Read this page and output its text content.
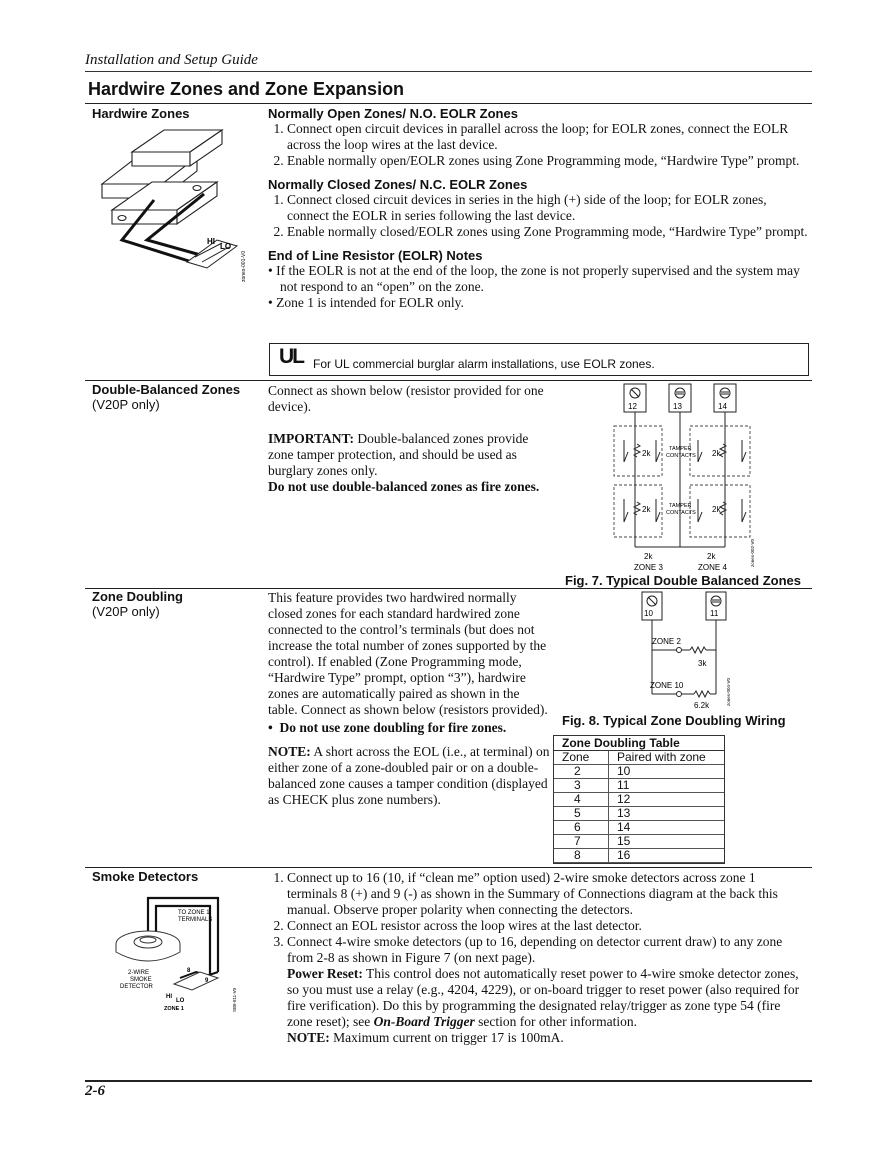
Installation and Setup Guide
Hardwire Zones and Zone Expansion
Hardwire Zones
HI
LO
zones-001-V0

Normally Open Zones/ N.O. EOLR Zones

1. Connect open circuit devices in parallel across the loop; for EOLR zones, connect the EOLR across the loop wires at the last device.
2. Enable normally open/EOLR zones using Zone Programming mode, “Hardwire Type” prompt.

Normally Closed Zones/ N.C. EOLR Zones

1. Connect closed circuit devices in series in the high (+) side of the loop; for EOLR zones, connect the EOLR in series following the last device.
2. Enable normally closed/EOLR zones using Zone Programming mode, “Hardwire Type” prompt.

End of Line Resistor (EOLR) Notes

• If the EOLR is not at the end of the loop, the zone is not properly supervised and the system may not respond to an “open” on the zone.
• Zone 1 is intended for EOLR only.
UL For UL commercial burglar alarm installations, use EOLR zones.
Double-Balanced Zones
(V20P only)

Connect as shown below (resistor provided for one device).

IMPORTANT: Double-balanced zones provide zone tamper protection, and should be used as burglary zones only.

Do not use double-balanced zones as fire zones.

12	13	14
2k	2k
2k	2k
TAMPER
CONTACTS
TAMPER
CONTACTS
2k	2k
ZONE 3	ZONE 4
zones-002-V0
Fig. 7. Typical Double Balanced Zones
Zone Doubling
(V20P only)

This feature provides two hardwired normally closed zones for each standard hardwired zone connected to the control’s terminals (but does not increase the total number of zones supported by the control). If enabled (Zone Programming mode, “Hardwire Type” prompt, option “3”), hardwire zones are automatically paired as shown in the table. Connect as shown below (resistors provided).

•  Do not use zone doubling for fire zones.

NOTE: A short across the EOL (i.e., at terminal) on either zone of a zone-doubled pair or on a double-balanced zone causes a tamper condition (displayed as CHECK plus zone numbers).

10	11
ZONE 2
3k
ZONE 10
6.2k	zones-004-V0
Fig. 8. Typical Zone Doubling Wiring
Zone Doubling Table
Zone	Paired with zone
2	10
3	11
4	12
5	13
6	14
7	15
8	16
Smoke Detectors
TO ZONE 1
TERMINALS
2-WIRE
SMOKE
DETECTOR
8
9
HI
LO
ZONE 1	SB8-811-V0
1. Connect up to 16 (10, if “clean me” option used) 2-wire smoke detectors across zone 1 terminals 8 (+) and 9 (-) as shown in the Summary of Connections diagram at the back this manual. Observe proper polarity when connecting the detectors.
2. Connect an EOL resistor across the loop wires at the last detector.
3. Connect 4-wire smoke detectors (up to 16, depending on detector current draw) to any zone from 2-8 as shown in Figure 7 (on next page).
Power Reset: This control does not automatically reset power to 4-wire smoke detector zones, so you must use a relay (e.g., 4204, 4229), or on-board trigger to reset power (also required for fire verification). Do this by programming the designated relay/trigger as zone type 54 (fire zone reset); see On-Board Trigger section for other information.
NOTE: Maximum current on trigger 17 is 100mA.
2-6
